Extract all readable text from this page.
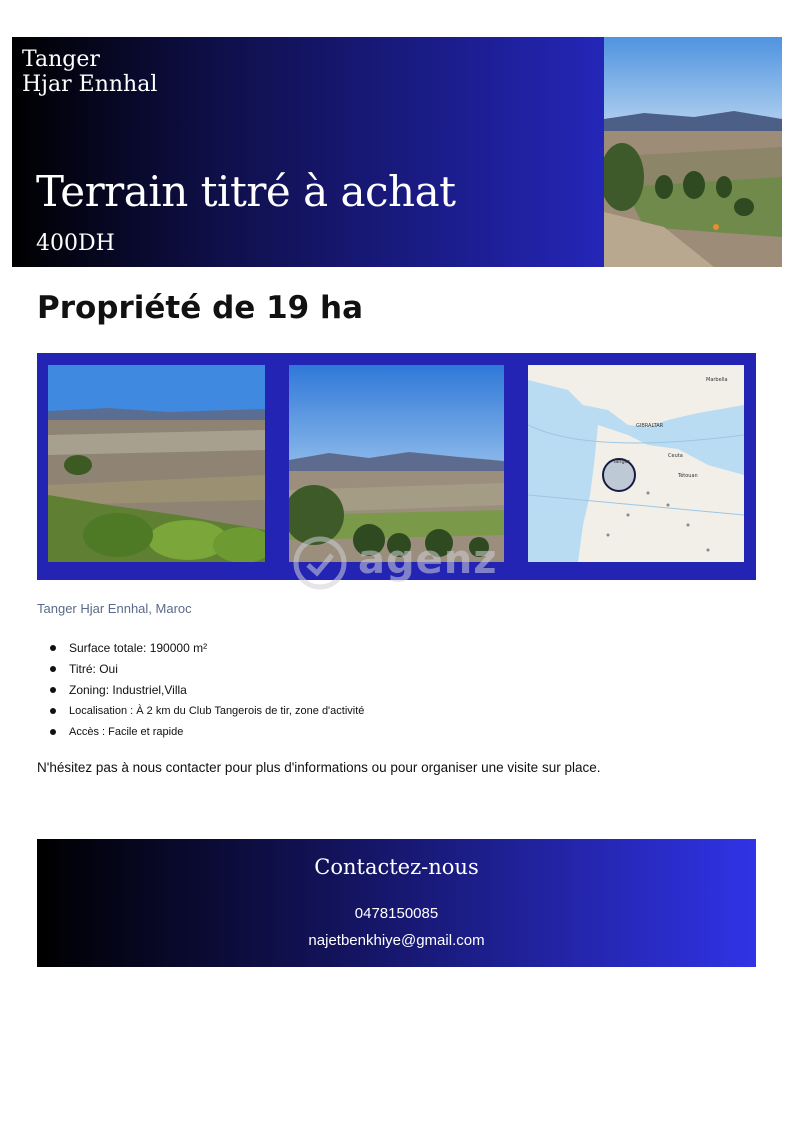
Tanger
Hjar Ennhal
Terrain titré à achat
400DH
Propriété de 19 ha
GIBRALTAR
Marbella
Ceuta
Tétouan
Tanger
agenz
Tanger Hjar Ennhal, Maroc
Surface totale: 190000 m²
Titré: Oui
Zoning: Industriel,Villa
Localisation : À 2 km du Club Tangerois de tir, zone d'activité
Accès : Facile et rapide
N'hésitez pas à nous contacter pour plus d'informations ou pour organiser une visite sur place.
Contactez-nous
0478150085
najetbenkhiye@gmail.com
